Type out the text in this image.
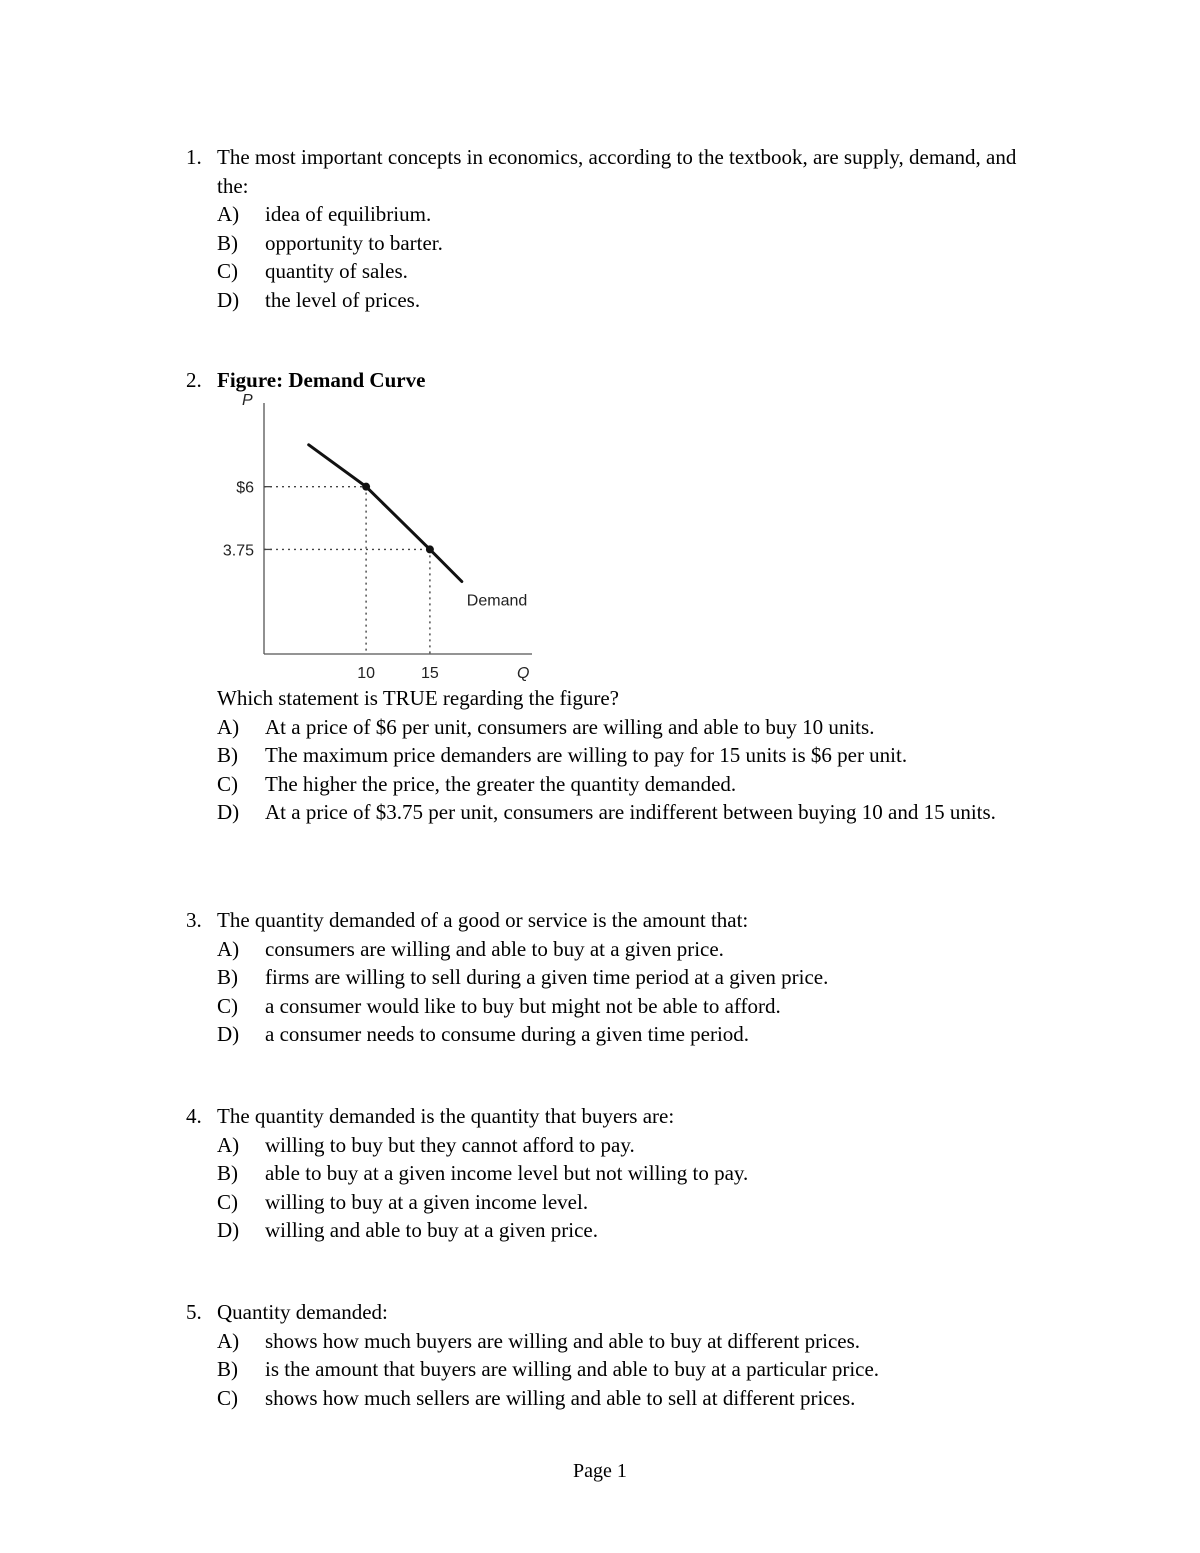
1. The most important concepts in economics, according to the textbook, are supply, demand, and the:
A) idea of equilibrium.
B) opportunity to barter.
C) quantity of sales.
D) the level of prices.
2. Figure: Demand Curve
P
Q
$6
3.75
10	15
Demand
Which statement is TRUE regarding the figure?
A) At a price of $6 per unit, consumers are willing and able to buy 10 units.
B) The maximum price demanders are willing to pay for 15 units is $6 per unit.
C) The higher the price, the greater the quantity demanded.
D) At a price of $3.75 per unit, consumers are indifferent between buying 10 and 15 units.
3. The quantity demanded of a good or service is the amount that:
A) consumers are willing and able to buy at a given price.
B) firms are willing to sell during a given time period at a given price.
C) a consumer would like to buy but might not be able to afford.
D) a consumer needs to consume during a given time period.
4. The quantity demanded is the quantity that buyers are:
A) willing to buy but they cannot afford to pay.
B) able to buy at a given income level but not willing to pay.
C) willing to buy at a given income level.
D) willing and able to buy at a given price.
5. Quantity demanded:
A) shows how much buyers are willing and able to buy at different prices.
B) is the amount that buyers are willing and able to buy at a particular price.
C) shows how much sellers are willing and able to sell at different prices.
Page 1
